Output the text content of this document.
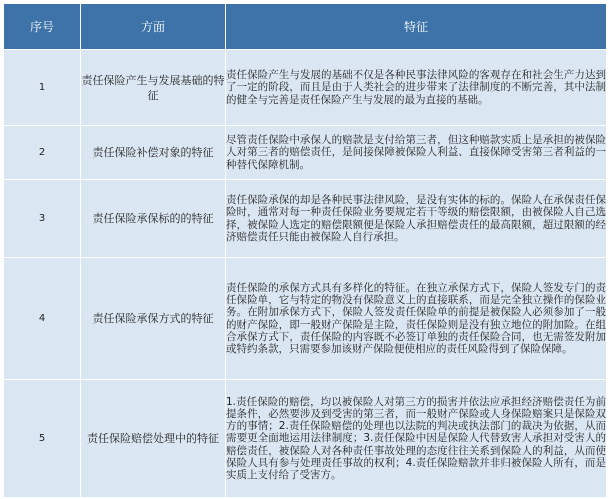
序号	方面	特征
1	责任保险产生与发展基础的特征	责任保险产生与发展的基础不仅是各种民事法律风险的客观存在和社会生产力达到了一定的阶段，而且是由于人类社会的进步带来了法律制度的不断完善，其中法制的健全与完善是责任保险产生与发展的最为直接的基础。
2	责任保险补偿对象的特征	尽管责任保险中承保人的赔款是支付给第三者，但这种赔款实质上是承担的被保险人对第三者的赔偿责任，是间接保障被保险人利益、直接保障受害第三者利益的一种替代保障机制。
3	责任保险承保标的的特征	责任保险承保的却是各种民事法律风险，是没有实体的标的。保险人在承保责任保险时，通常对每一种责任保险业务要规定若干等级的赔偿限额，由被保险人自己选择，被保险人选定的赔偿限额便是保险人承担赔偿责任的最高限额，超过限额的经济赔偿责任只能由被保险人自行承担。
4	责任保险承保方式的特征	责任保险的承保方式具有多样化的特征。在独立承保方式下，保险人签发专门的责任保险单，它与特定的物没有保险意义上的直接联系，而是完全独立操作的保险业务。在附加承保方式下，保险人签发责任保险单的前提是被保险人必须参加了一般的财产保险，即一般财产保险是主险，责任保险则是没有独立地位的附加险。在组合承保方式下，责任保险的内容既不必签订单独的责任保险合同，也无需签发附加或特约条款，只需要参加该财产保险便使相应的责任风险得到了保险保障。
5	责任保险赔偿处理中的特征	1.责任保险的赔偿，均以被保险人对第三方的损害并依法应承担经济赔偿责任为前提条件，必然要涉及到受害的第三者，而一般财产保险或人身保险赔案只是保险双方的事情；2.责任保险赔偿的处理也以法院的判决或执法部门的裁决为依据，从而需要更全面地运用法律制度；3.责任保险中因是保险人代替致害人承担对受害人的赔偿责任，被保险人对各种责任事故处理的态度往往关系到保险人的利益，从而使保险人具有参与处理责任事故的权利；4.责任保险赔款并非归被保险人所有，而是实质上支付给了受害方。
